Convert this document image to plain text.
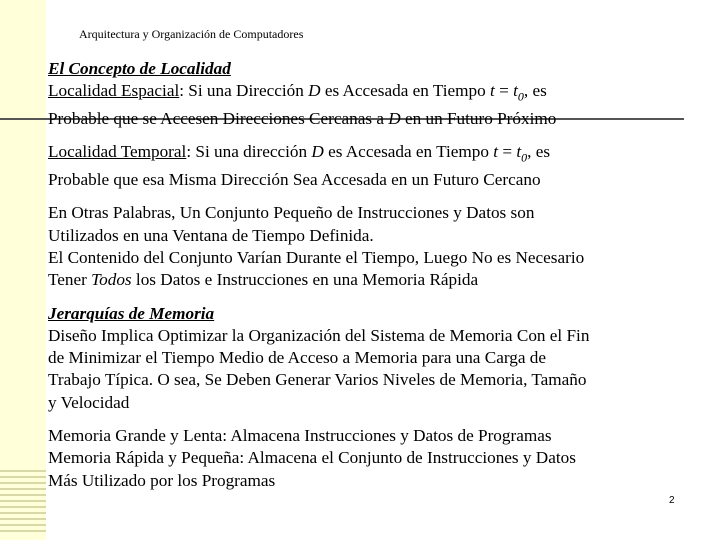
Arquitectura y Organización de Computadores
El Concepto de Localidad
Localidad Espacial: Si una Dirección D es Accesada en Tiempo $t = t_0$, es
Probable que se Accesen Direcciones Cercanas a D en un Futuro Próximo
Localidad Temporal: Si una dirección D es Accesada en Tiempo $t = t_0$, es
Probable que esa Misma Dirección Sea Accesada en un Futuro Cercano
En Otras Palabras, Un Conjunto Pequeño de Instrucciones y Datos son
Utilizados en una Ventana de Tiempo Definida.
El Contenido del Conjunto Varían Durante el Tiempo, Luego No es Necesario
Tener Todos los Datos e Instrucciones en una Memoria Rápida
Jerarquías de Memoria
Diseño Implica Optimizar la Organización del Sistema de Memoria Con el Fin
de Minimizar el Tiempo Medio de Acceso a Memoria para una Carga de
Trabajo Típica. O sea, Se Deben Generar Varios Niveles de Memoria, Tamaño
y Velocidad
Memoria Grande y Lenta: Almacena Instrucciones y Datos de Programas
Memoria Rápida y Pequeña: Almacena el Conjunto de Instrucciones y Datos
Más Utilizado por los Programas
2
